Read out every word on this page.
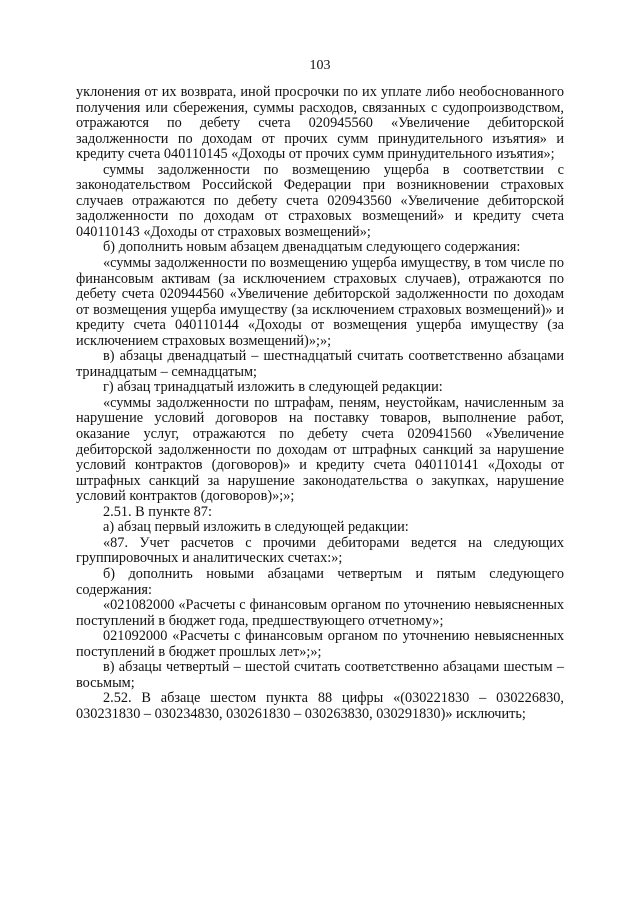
103

уклонения от их возврата, иной просрочки по их уплате либо необоснованного получения или сбережения, суммы расходов, связанных с судопроизводством, отражаются по дебету счета 020945560 «Увеличение дебиторской задолженности по доходам от прочих сумм принудительного изъятия» и кредиту счета 040110145 «Доходы от прочих сумм принудительного изъятия»;

суммы задолженности по возмещению ущерба в соответствии с законодательством Российской Федерации при возникновении страховых случаев отражаются по дебету счета 020943560 «Увеличение дебиторской задолженности по доходам от страховых возмещений» и кредиту счета 040110143 «Доходы от страховых возмещений»;

б) дополнить новым абзацем двенадцатым следующего содержания:

«суммы задолженности по возмещению ущерба имуществу, в том числе по финансовым активам (за исключением страховых случаев), отражаются по дебету счета 020944560 «Увеличение дебиторской задолженности по доходам от возмещения ущерба имуществу (за исключением страховых возмещений)» и кредиту счета 040110144 «Доходы от возмещения ущерба имуществу (за исключением страховых возмещений)»;»;

в) абзацы двенадцатый – шестнадцатый считать соответственно абзацами тринадцатым – семнадцатым;

г) абзац тринадцатый изложить в следующей редакции:

«суммы задолженности по штрафам, пеням, неустойкам, начисленным за нарушение условий договоров на поставку товаров, выполнение работ, оказание услуг, отражаются по дебету счета 020941560 «Увеличение дебиторской задолженности по доходам от штрафных санкций за нарушение условий контрактов (договоров)» и кредиту счета 040110141 «Доходы от штрафных санкций за нарушение законодательства о закупках, нарушение условий контрактов (договоров)»;»;

2.51. В пункте 87:

а) абзац первый изложить в следующей редакции:

«87. Учет расчетов с прочими дебиторами ведется на следующих группировочных и аналитических счетах:»;

б) дополнить новыми абзацами четвертым и пятым следующего содержания:

«021082000 «Расчеты с финансовым органом по уточнению невыясненных поступлений в бюджет года, предшествующего отчетному»;

021092000 «Расчеты с финансовым органом по уточнению невыясненных поступлений в бюджет прошлых лет»;»;

в) абзацы четвертый – шестой считать соответственно абзацами шестым – восьмым;

2.52. В абзаце шестом пункта 88 цифры «(030221830 – 030226830, 030231830 – 030234830, 030261830 – 030263830, 030291830)» исключить;
